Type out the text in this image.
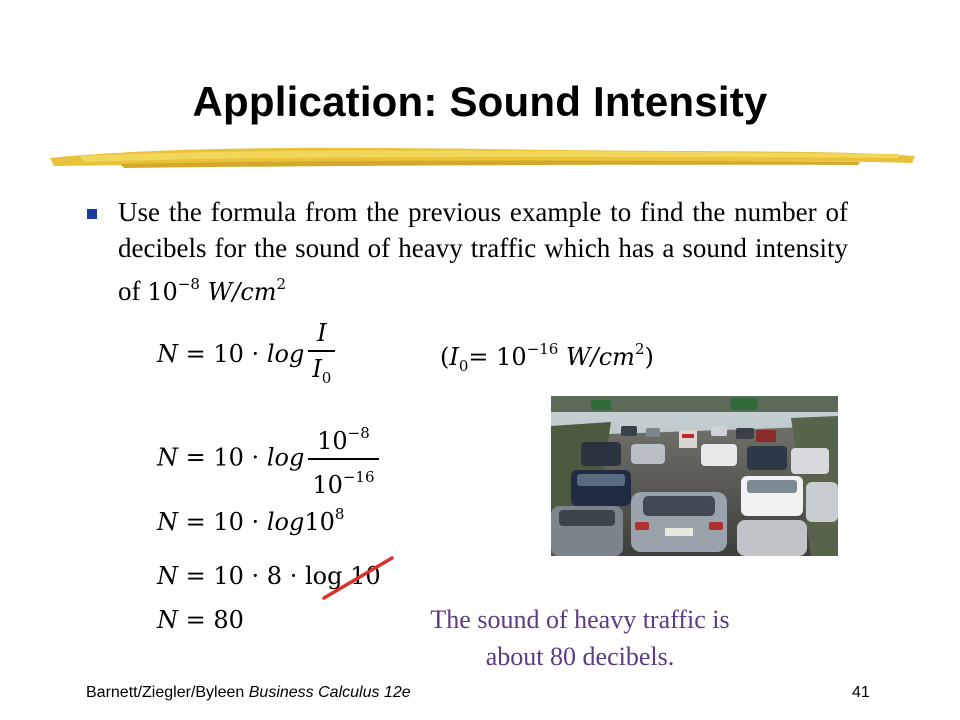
Application: Sound Intensity
Use the formula from the previous example to find the number of decibels for the sound of heavy traffic which has a sound intensity of $10^{-8}$ $W/cm^2$
$N = 10 \cdot \log \frac{I}{I_0}$	($I_0= 10^{-16}$ $W/cm^2$)
$N = 10 \cdot \log \frac{10^{-8}}{10^{-16}}$
$N = 10 \cdot \log 10^8$
N = 10 · 8 · log 10
N = 80	The sound of heavy traffic is
about 80 decibels.
Barnett/Ziegler/Byleen Business Calculus 12e	41
